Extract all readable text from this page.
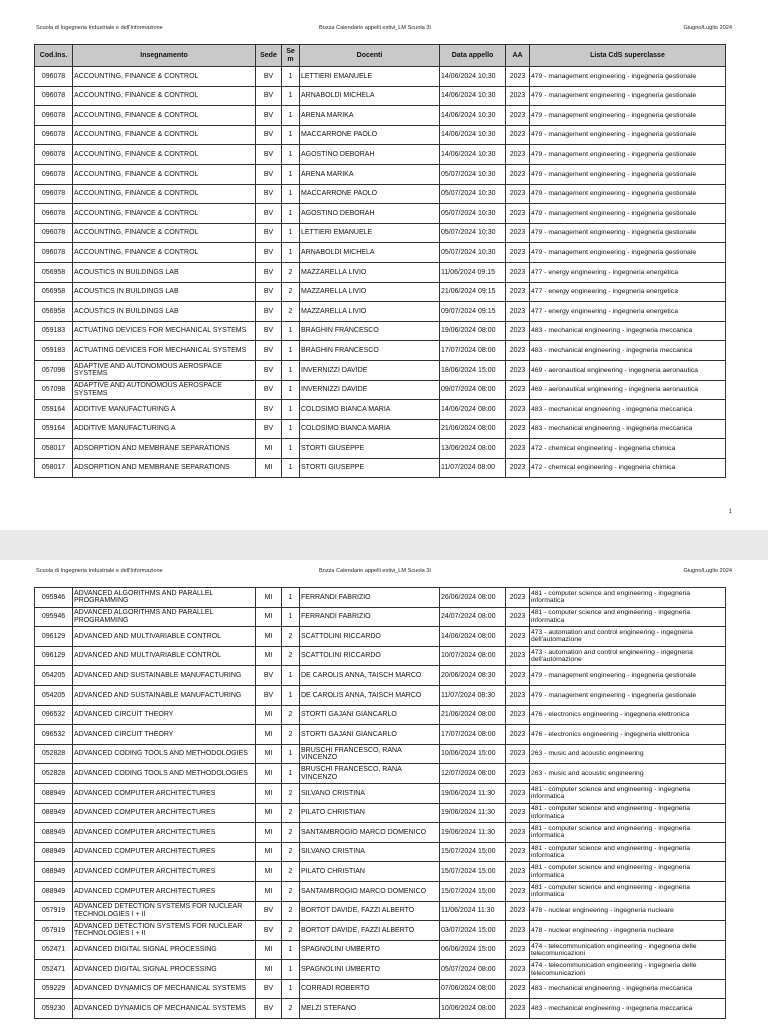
Scuola di Ingegneria Industriale e dell'Informazione	Bozza Calendario appelli estivi_LM Scuola 3I	Giugno/Luglio 2024
Cod.Ins.	Insegnamento	Sede	Se m	Docenti	Data appello	AA	Lista CdS superclasse
096078	ACCOUNTING, FINANCE & CONTROL	BV	1	LETTIERI EMANUELE	14/06/2024 10:30	2023	479 - management engineering - ingegneria gestionale
096078	ACCOUNTING, FINANCE & CONTROL	BV	1	ARNABOLDI MICHELA	14/06/2024 10:30	2023	479 - management engineering - ingegneria gestionale
096078	ACCOUNTING, FINANCE & CONTROL	BV	1	ARENA MARIKA	14/06/2024 10:30	2023	479 - management engineering - ingegneria gestionale
096078	ACCOUNTING, FINANCE & CONTROL	BV	1	MACCARRONE PAOLO	14/06/2024 10:30	2023	479 - management engineering - ingegneria gestionale
096078	ACCOUNTING, FINANCE & CONTROL	BV	1	AGOSTINO DEBORAH	14/06/2024 10:30	2023	479 - management engineering - ingegneria gestionale
096078	ACCOUNTING, FINANCE & CONTROL	BV	1	ARENA MARIKA	05/07/2024 10:30	2023	479 - management engineering - ingegneria gestionale
096078	ACCOUNTING, FINANCE & CONTROL	BV	1	MACCARRONE PAOLO	05/07/2024 10:30	2023	479 - management engineering - ingegneria gestionale
096078	ACCOUNTING, FINANCE & CONTROL	BV	1	AGOSTINO DEBORAH	05/07/2024 10:30	2023	479 - management engineering - ingegneria gestionale
096078	ACCOUNTING, FINANCE & CONTROL	BV	1	LETTIERI EMANUELE	05/07/2024 10:30	2023	479 - management engineering - ingegneria gestionale
096078	ACCOUNTING, FINANCE & CONTROL	BV	1	ARNABOLDI MICHELA	05/07/2024 10:30	2023	479 - management engineering - ingegneria gestionale
056958	ACOUSTICS IN BUILDINGS LAB	BV	2	MAZZARELLA LIVIO	11/06/2024 09:15	2023	477 - energy engineering - ingegneria energetica
056958	ACOUSTICS IN BUILDINGS LAB	BV	2	MAZZARELLA LIVIO	21/06/2024 09:15	2023	477 - energy engineering - ingegneria energetica
056958	ACOUSTICS IN BUILDINGS LAB	BV	2	MAZZARELLA LIVIO	09/07/2024 09:15	2023	477 - energy engineering - ingegneria energetica
059183	ACTUATING DEVICES FOR MECHANICAL SYSTEMS	BV	1	BRAGHIN FRANCESCO	19/06/2024 08:00	2023	483 - mechanical engineering - ingegneria meccanica
059183	ACTUATING DEVICES FOR MECHANICAL SYSTEMS	BV	1	BRAGHIN FRANCESCO	17/07/2024 08:00	2023	483 - mechanical engineering - ingegneria meccanica
057098	ADAPTIVE AND AUTONOMOUS AEROSPACE SYSTEMS	BV	1	INVERNIZZI DAVIDE	18/06/2024 15:00	2023	469 - aeronautical engineering - ingegneria aeronautica
057098	ADAPTIVE AND AUTONOMOUS AEROSPACE SYSTEMS	BV	1	INVERNIZZI DAVIDE	09/07/2024 08:00	2023	469 - aeronautical engineering - ingegneria aeronautica
059164	ADDITIVE MANUFACTURING A	BV	1	COLOSIMO BIANCA MARIA	14/06/2024 08:00	2023	483 - mechanical engineering - ingegneria meccanica
059164	ADDITIVE MANUFACTURING A	BV	1	COLOSIMO BIANCA MARIA	21/06/2024 08:00	2023	483 - mechanical engineering - ingegneria meccanica
058017	ADSORPTION AND MEMBRANE SEPARATIONS	MI	1	STORTI GIUSEPPE	13/06/2024 08:00	2023	472 - chemical engineering - ingegneria chimica
058017	ADSORPTION AND MEMBRANE SEPARATIONS	MI	1	STORTI GIUSEPPE	11/07/2024 08:00	2023	472 - chemical engineering - ingegneria chimica
1
Scuola di Ingegneria Industriale e dell'Informazione	Bozza Calendario appelli estivi_LM Scuola 3I	Giugno/Luglio 2024
095946	ADVANCED ALGORITHMS AND PARALLEL PROGRAMMING	MI	1	FERRANDI FABRIZIO	26/06/2024 08:00	2023	481 - computer science and engineering - ingegneria informatica
095946	ADVANCED ALGORITHMS AND PARALLEL PROGRAMMING	MI	1	FERRANDI FABRIZIO	24/07/2024 08:00	2023	481 - computer science and engineering - ingegneria informatica
096129	ADVANCED AND MULTIVARIABLE CONTROL	MI	2	SCATTOLINI RICCARDO	14/06/2024 08:00	2023	473 - automation and control engineering - ingegneria dell'automazione
096129	ADVANCED AND MULTIVARIABLE CONTROL	MI	2	SCATTOLINI RICCARDO	10/07/2024 08:00	2023	473 - automation and control engineering - ingegneria dell'automazione
054205	ADVANCED AND SUSTAINABLE MANUFACTURING	BV	1	DE CAROLIS ANNA, TAISCH MARCO	20/06/2024 08:30	2023	479 - management engineering - ingegneria gestionale
054205	ADVANCED AND SUSTAINABLE MANUFACTURING	BV	1	DE CAROLIS ANNA, TAISCH MARCO	11/07/2024 08:30	2023	479 - management engineering - ingegneria gestionale
096532	ADVANCED CIRCUIT THEORY	MI	2	STORTI GAJANI GIANCARLO	21/06/2024 08:00	2023	476 - electronics engineering - ingegneria elettronica
096532	ADVANCED CIRCUIT THEORY	MI	2	STORTI GAJANI GIANCARLO	17/07/2024 08:00	2023	476 - electronics engineering - ingegneria elettronica
052828	ADVANCED CODING TOOLS AND METHODOLOGIES	MI	1	BRUSCHI FRANCESCO, RANA VINCENZO	10/06/2024 15:00	2023	263 - music and acoustic engineering
052828	ADVANCED CODING TOOLS AND METHODOLOGIES	MI	1	BRUSCHI FRANCESCO, RANA VINCENZO	12/07/2024 08:00	2023	263 - music and acoustic engineering
088949	ADVANCED COMPUTER ARCHITECTURES	MI	2	SILVANO CRISTINA	19/06/2024 11:30	2023	481 - computer science and engineering - ingegneria informatica
088949	ADVANCED COMPUTER ARCHITECTURES	MI	2	PILATO CHRISTIAN	19/06/2024 11:30	2023	481 - computer science and engineering - ingegneria informatica
088949	ADVANCED COMPUTER ARCHITECTURES	MI	2	SANTAMBROGIO MARCO DOMENICO	19/06/2024 11:30	2023	481 - computer science and engineering - ingegneria informatica
088949	ADVANCED COMPUTER ARCHITECTURES	MI	2	SILVANO CRISTINA	15/07/2024 15:00	2023	481 - computer science and engineering - ingegneria informatica
088949	ADVANCED COMPUTER ARCHITECTURES	MI	2	PILATO CHRISTIAN	15/07/2024 15:00	2023	481 - computer science and engineering - ingegneria informatica
088949	ADVANCED COMPUTER ARCHITECTURES	MI	2	SANTAMBROGIO MARCO DOMENICO	15/07/2024 15:00	2023	481 - computer science and engineering - ingegneria informatica
057919	ADVANCED DETECTION SYSTEMS FOR NUCLEAR TECHNOLOGIES I + II	BV	2	BORTOT DAVIDE, FAZZI ALBERTO	11/06/2024 11:30	2023	478 - nuclear engineering - ingegneria nucleare
057919	ADVANCED DETECTION SYSTEMS FOR NUCLEAR TECHNOLOGIES I + II	BV	2	BORTOT DAVIDE, FAZZI ALBERTO	03/07/2024 15:00	2023	478 - nuclear engineering - ingegneria nucleare
052471	ADVANCED DIGITAL SIGNAL PROCESSING	MI	1	SPAGNOLINI UMBERTO	06/06/2024 15:00	2023	474 - telecommunication engineering - ingegneria delle telecomunicazioni
052471	ADVANCED DIGITAL SIGNAL PROCESSING	MI	1	SPAGNOLINI UMBERTO	05/07/2024 08:00	2023	474 - telecommunication engineering - ingegneria delle telecomunicazioni
059229	ADVANCED DYNAMICS OF MECHANICAL SYSTEMS	BV	1	CORRADI ROBERTO	07/06/2024 08:00	2023	483 - mechanical engineering - ingegneria meccanica
059230	ADVANCED DYNAMICS OF MECHANICAL SYSTEMS	BV	2	MELZI STEFANO	10/06/2024 08:00	2023	483 - mechanical engineering - ingegneria meccanica
